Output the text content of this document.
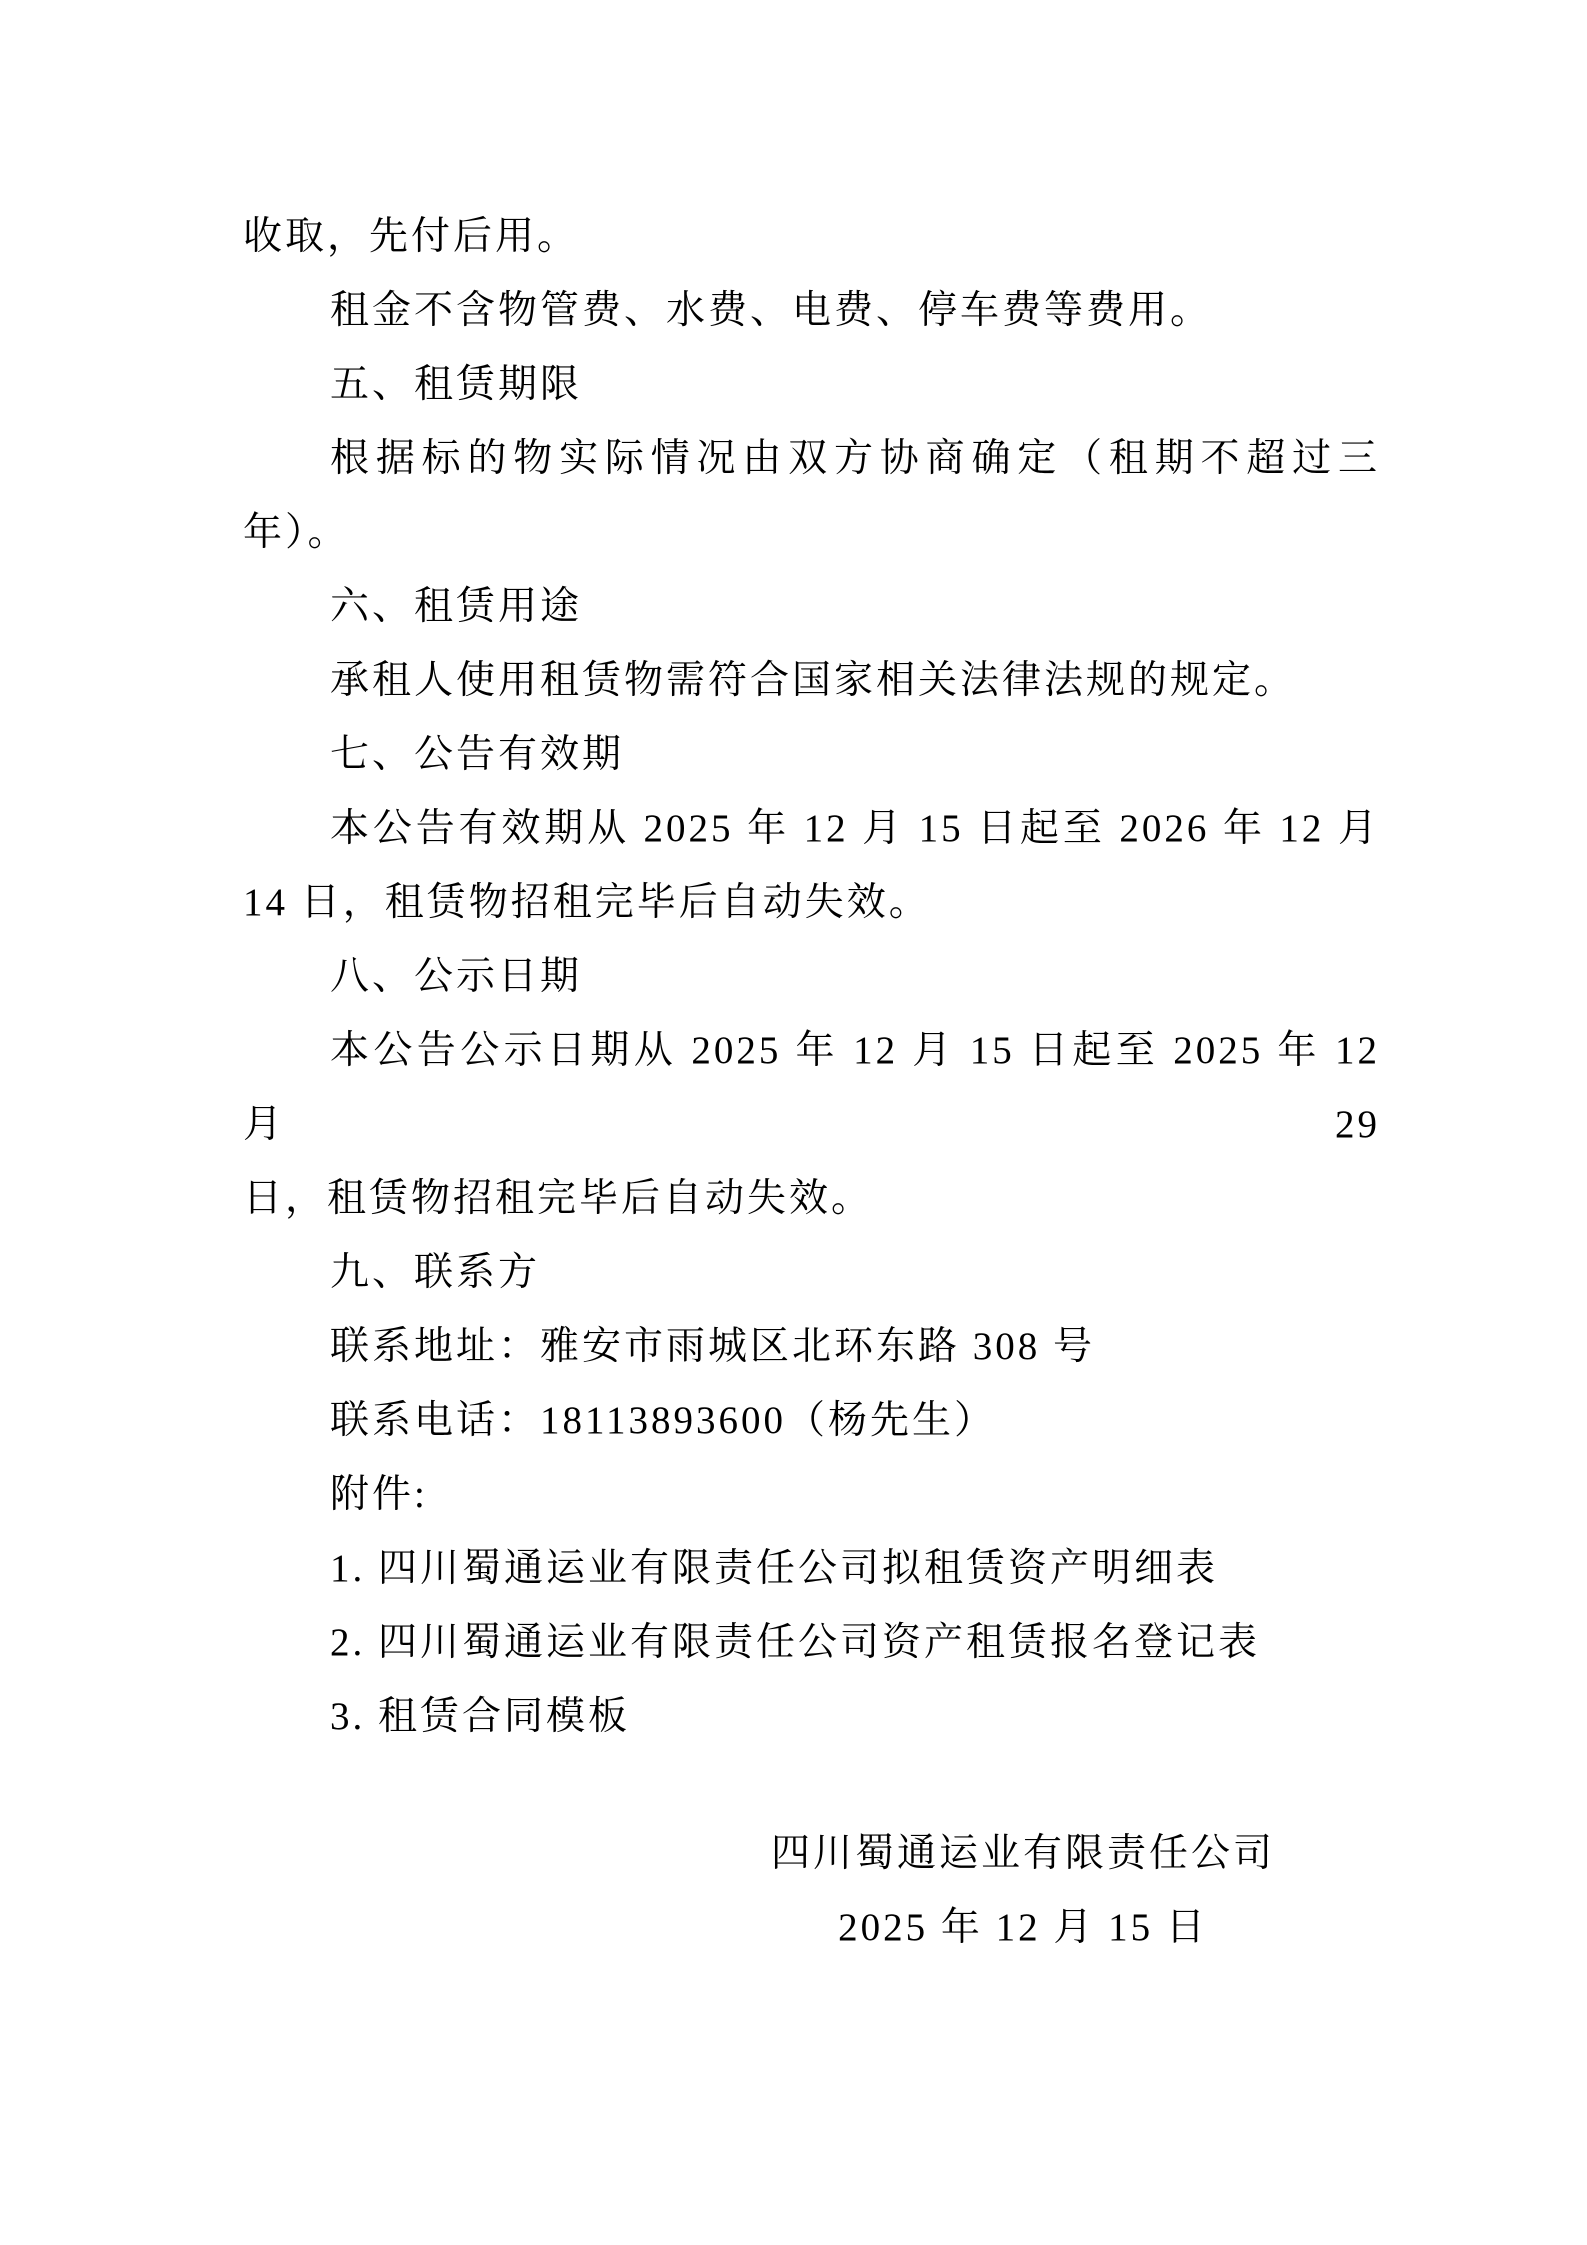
收取，先付后用。

租金不含物管费、水费、电费、停车费等费用。

五、租赁期限

根据标的物实际情况由双方协商确定（租期不超过三

年）。

六、租赁用途

承租人使用租赁物需符合国家相关法律法规的规定。

七、公告有效期

本公告有效期从 2025 年 12 月 15 日起至 2026 年 12 月

14 日，租赁物招租完毕后自动失效。

八、公示日期

本公告公示日期从 2025 年 12 月 15 日起至 2025 年 12 月 29

日，租赁物招租完毕后自动失效。

九、联系方

联系地址：雅安市雨城区北环东路 308 号

联系电话：18113893600（杨先生）

附件:

1. 四川蜀通运业有限责任公司拟租赁资产明细表

2. 四川蜀通运业有限责任公司资产租赁报名登记表

3. 租赁合同模板

四川蜀通运业有限责任公司

2025 年 12 月 15 日
